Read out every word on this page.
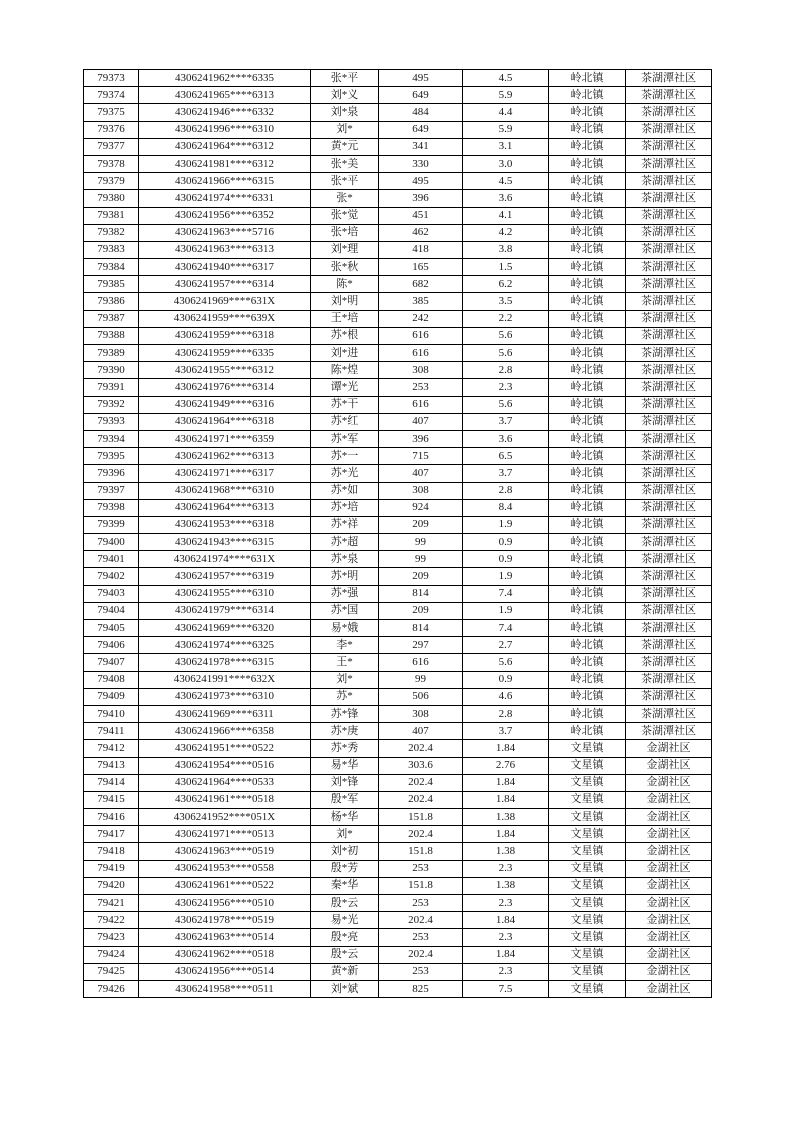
79373	4306241962****6335	张*平	495	4.5	岭北镇	茶湖潭社区
79374	4306241965****6313	刘*义	649	5.9	岭北镇	茶湖潭社区
79375	4306241946****6332	刘*泉	484	4.4	岭北镇	茶湖潭社区
79376	4306241996****6310	刘*	649	5.9	岭北镇	茶湖潭社区
79377	4306241964****6312	黄*元	341	3.1	岭北镇	茶湖潭社区
79378	4306241981****6312	张*美	330	3.0	岭北镇	茶湖潭社区
79379	4306241966****6315	张*平	495	4.5	岭北镇	茶湖潭社区
79380	4306241974****6331	张*	396	3.6	岭北镇	茶湖潭社区
79381	4306241956****6352	张*觉	451	4.1	岭北镇	茶湖潭社区
79382	4306241963****5716	张*培	462	4.2	岭北镇	茶湖潭社区
79383	4306241963****6313	刘*理	418	3.8	岭北镇	茶湖潭社区
79384	4306241940****6317	张*秋	165	1.5	岭北镇	茶湖潭社区
79385	4306241957****6314	陈*	682	6.2	岭北镇	茶湖潭社区
79386	4306241969****631X	刘*明	385	3.5	岭北镇	茶湖潭社区
79387	4306241959****639X	王*培	242	2.2	岭北镇	茶湖潭社区
79388	4306241959****6318	苏*根	616	5.6	岭北镇	茶湖潭社区
79389	4306241959****6335	刘*进	616	5.6	岭北镇	茶湖潭社区
79390	4306241955****6312	陈*煌	308	2.8	岭北镇	茶湖潭社区
79391	4306241976****6314	谭*光	253	2.3	岭北镇	茶湖潭社区
79392	4306241949****6316	苏*干	616	5.6	岭北镇	茶湖潭社区
79393	4306241964****6318	苏*红	407	3.7	岭北镇	茶湖潭社区
79394	4306241971****6359	苏*军	396	3.6	岭北镇	茶湖潭社区
79395	4306241962****6313	苏*一	715	6.5	岭北镇	茶湖潭社区
79396	4306241971****6317	苏*光	407	3.7	岭北镇	茶湖潭社区
79397	4306241968****6310	苏*如	308	2.8	岭北镇	茶湖潭社区
79398	4306241964****6313	苏*培	924	8.4	岭北镇	茶湖潭社区
79399	4306241953****6318	苏*祥	209	1.9	岭北镇	茶湖潭社区
79400	4306241943****6315	苏*超	99	0.9	岭北镇	茶湖潭社区
79401	4306241974****631X	苏*泉	99	0.9	岭北镇	茶湖潭社区
79402	4306241957****6319	苏*明	209	1.9	岭北镇	茶湖潭社区
79403	4306241955****6310	苏*强	814	7.4	岭北镇	茶湖潭社区
79404	4306241979****6314	苏*国	209	1.9	岭北镇	茶湖潭社区
79405	4306241969****6320	易*娥	814	7.4	岭北镇	茶湖潭社区
79406	4306241974****6325	李*	297	2.7	岭北镇	茶湖潭社区
79407	4306241978****6315	王*	616	5.6	岭北镇	茶湖潭社区
79408	4306241991****632X	刘*	99	0.9	岭北镇	茶湖潭社区
79409	4306241973****6310	苏*	506	4.6	岭北镇	茶湖潭社区
79410	4306241969****6311	苏*锋	308	2.8	岭北镇	茶湖潭社区
79411	4306241966****6358	苏*庚	407	3.7	岭北镇	茶湖潭社区
79412	4306241951****0522	苏*秀	202.4	1.84	文星镇	金湖社区
79413	4306241954****0516	易*华	303.6	2.76	文星镇	金湖社区
79414	4306241964****0533	刘*锋	202.4	1.84	文星镇	金湖社区
79415	4306241961****0518	殷*军	202.4	1.84	文星镇	金湖社区
79416	4306241952****051X	杨*华	151.8	1.38	文星镇	金湖社区
79417	4306241971****0513	刘*	202.4	1.84	文星镇	金湖社区
79418	4306241963****0519	刘*初	151.8	1.38	文星镇	金湖社区
79419	4306241953****0558	殷*芳	253	2.3	文星镇	金湖社区
79420	4306241961****0522	秦*华	151.8	1.38	文星镇	金湖社区
79421	4306241956****0510	殷*云	253	2.3	文星镇	金湖社区
79422	4306241978****0519	易*光	202.4	1.84	文星镇	金湖社区
79423	4306241963****0514	殷*亮	253	2.3	文星镇	金湖社区
79424	4306241962****0518	殷*云	202.4	1.84	文星镇	金湖社区
79425	4306241956****0514	黄*新	253	2.3	文星镇	金湖社区
79426	4306241958****0511	刘*斌	825	7.5	文星镇	金湖社区
